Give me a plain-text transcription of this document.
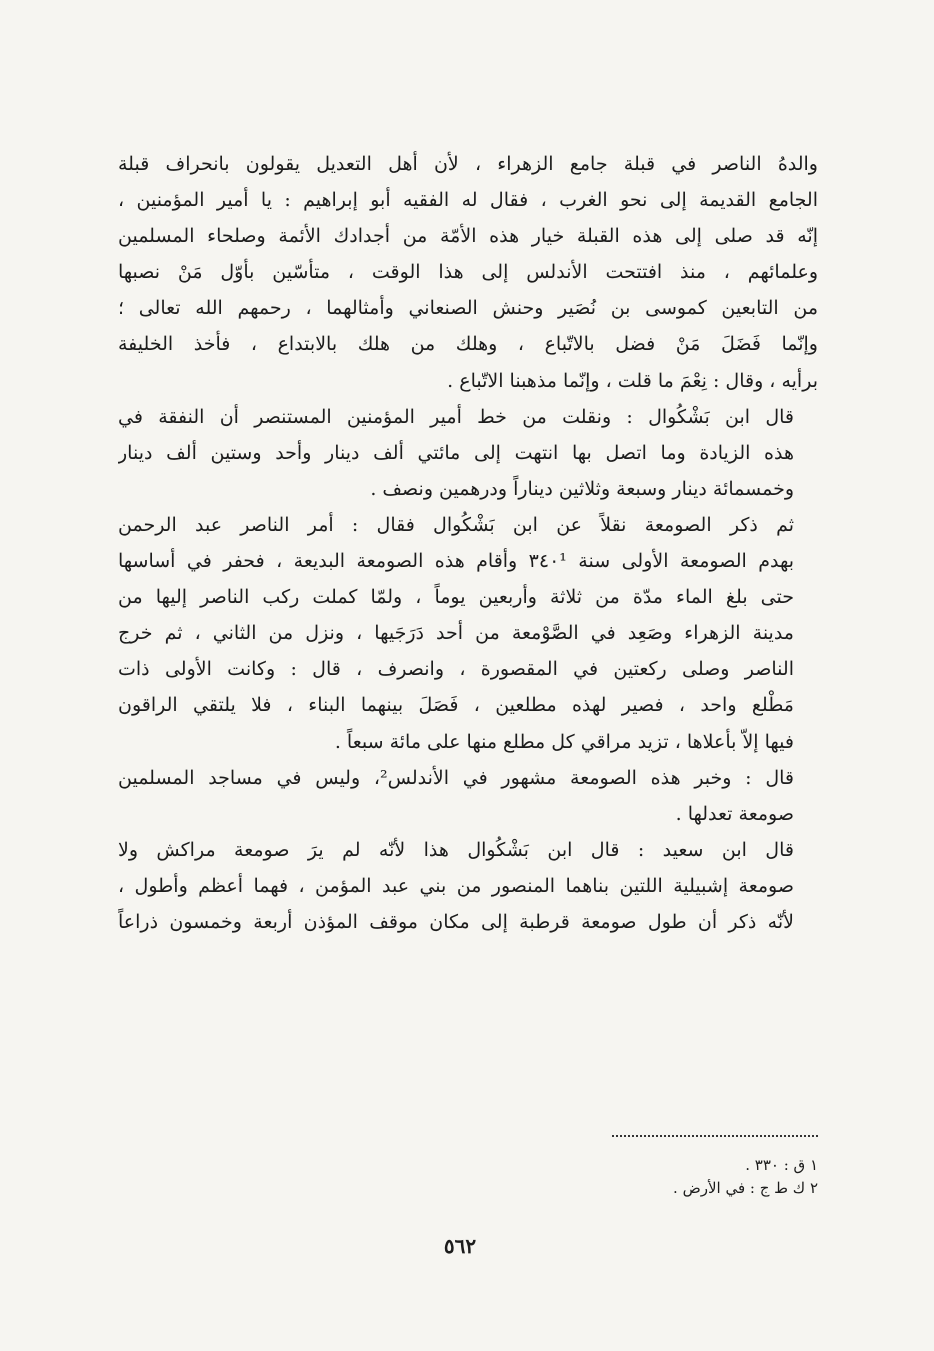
والدهُ الناصر في قبلة جامع الزهراء ، لأن أهل التعديل يقولون بانحراف قبلة
الجامع القديمة إلى نحو الغرب ، فقال له الفقيه أبو إبراهيم : يا أمير المؤمنين ،
إنّه قد صلى إلى هذه القبلة خيار هذه الأمّة من أجدادك الأئمة وصلحاء المسلمين
وعلمائهم ، منذ افتتحت الأندلس إلى هذا الوقت ، متأسّين بأوّل مَنْ نصبها
من التابعين كموسى بن نُصَير وحنش الصنعاني وأمثالهما ، رحمهم الله تعالى ؛
وإنّما فَضَلَ مَنْ فضل بالاتّباع ، وهلك من هلك بالابتداع ، فأخذ الخليفة
برأيه ، وقال : نِعْمَ ما قلت ، وإنّما مذهبنا الاتّباع .

قال ابن بَشْكُوال : ونقلت من خط أمير المؤمنين المستنصر أن النفقة في
هذه الزيادة وما اتصل بها انتهت إلى مائتي ألف دينار وأحد وستين ألف دينار
وخمسمائة دينار وسبعة وثلاثين ديناراً ودرهمين ونصف .

ثم ذكر الصومعة نقلاً عن ابن بَشْكُوال فقال : أمر الناصر عبد الرحمن
بهدم الصومعة الأولى سنة ٣٤٠¹ وأقام هذه الصومعة البديعة ، فحفر في أساسها
حتى بلغ الماء مدّة من ثلاثة وأربعين يوماً ، ولمّا كملت ركب الناصر إليها من
مدينة الزهراء وصَعِد في الصَّوْمعة من أحد دَرَجَيها ، ونزل من الثاني ، ثم خرج
الناصر وصلى ركعتين في المقصورة ، وانصرف ، قال : وكانت الأولى ذات
مَطْلع واحد ، فصير لهذه مطلعين ، فَصَلَ بينهما البناء ، فلا يلتقي الراقون
فيها إلاّ بأعلاها ، تزيد مراقي كل مطلع منها على مائة سبعاً .

قال : وخبر هذه الصومعة مشهور في الأندلس²، وليس في مساجد المسلمين
صومعة تعدلها .

قال ابن سعيد : قال ابن بَشْكُوال هذا لأنّه لم يرَ صومعة مراكش ولا
صومعة إشبيلية اللتين بناهما المنصور من بني عبد المؤمن ، فهما أعظم وأطول ،
لأنّه ذكر أن طول صومعة قرطبة إلى مكان موقف المؤذن أربعة وخمسون ذراعاً

١ ق : ٣٣٠ .
٢ ك ط ج : في الأرض .
٥٦٢
